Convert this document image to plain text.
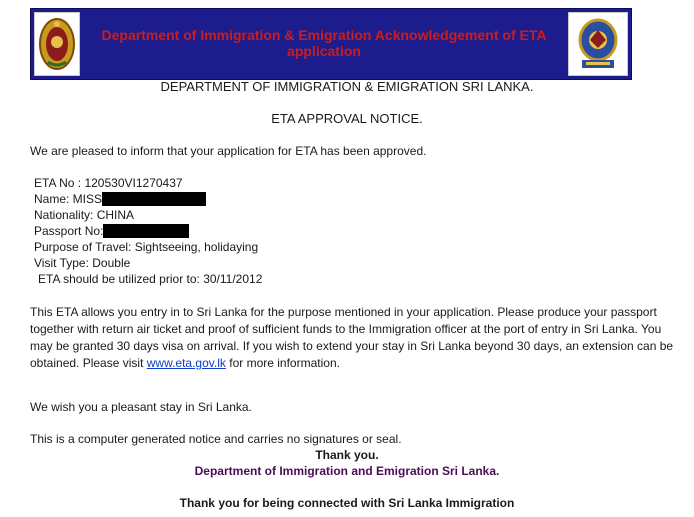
Department of Immigration & Emigration Acknowledgement of ETA application
DEPARTMENT OF IMMIGRATION & EMIGRATION SRI LANKA.
ETA APPROVAL NOTICE.
We are pleased to inform that your application for ETA has been approved.
ETA No : 120530VI1270437
Name: MISS
Nationality: CHINA
Passport No:
Purpose of Travel: Sightseeing, holidaying
Visit Type: Double
ETA should be utilized prior to: 30/11/2012
This ETA allows you entry in to Sri Lanka for the purpose mentioned in your application. Please produce your passport together with return air ticket and proof of sufficient funds to the Immigration officer at the port of entry in Sri Lanka. You may be granted 30 days visa on arrival. If you wish to extend your stay in Sri Lanka beyond 30 days, an extension can be obtained. Please visit www.eta.gov.lk for more information.
We wish you a pleasant stay in Sri Lanka.
This is a computer generated notice and carries no signatures or seal.
Thank you.
Department of Immigration and Emigration Sri Lanka.
Thank you for being connected with Sri Lanka Immigration
